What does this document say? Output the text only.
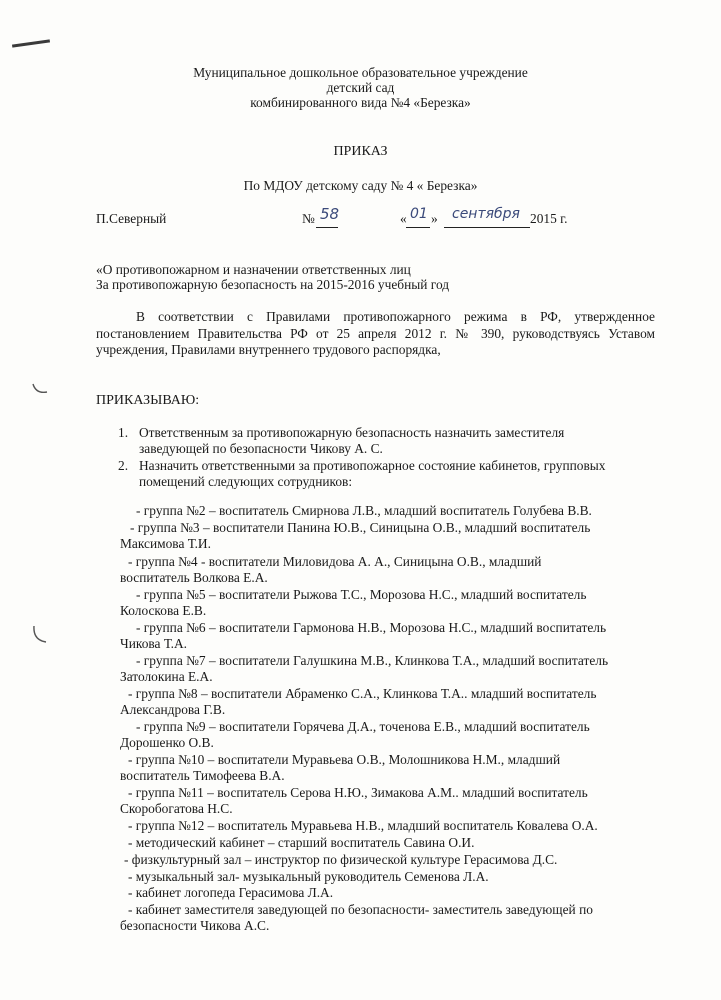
Муниципальное дошкольное образовательное учреждение
детский сад
комбинированного вида №4 «Березка»
ПРИКАЗ
По МДОУ детскому саду № 4 « Березка»
П.Северный	№ 58	« 01 » сентября 2015 г.
«О противопожарном и назначении ответственных лиц
За противопожарную безопасность на 2015-2016 учебный год
В соответствии с Правилами противопожарного режима в РФ, утвержденное постановлением Правительства РФ от 25 апреля 2012 г. № 390, руководствуясь Уставом учреждения, Правилами внутреннего трудового распорядка,
ПРИКАЗЫВАЮ:
1. Ответственным за противопожарную безопасность назначить заместителя
заведующей по безопасности Чикову А. С.
2. Назначить ответственными за противопожарное состояние кабинетов, групповых
помещений следующих сотрудников:
- группа №2 – воспитатель Смирнова Л.В., младший воспитатель Голубева В.В.
- группа №3 – воспитатели Панина Ю.В., Синицына О.В., младший воспитатель
Максимова Т.И.
- группа №4 - воспитатели Миловидова А. А., Синицына О.В., младший
воспитатель Волкова Е.А.
- группа №5 – воспитатели Рыжова Т.С., Морозова Н.С., младший воспитатель
Колоскова Е.В.
- группа №6 – воспитатели Гармонова Н.В., Морозова Н.С., младший воспитатель
Чикова Т.А.
- группа №7 – воспитатели Галушкина М.В., Клинкова Т.А., младший воспитатель
Затолокина Е.А.
- группа №8 – воспитатели Абраменко С.А., Клинкова Т.А.. младший воспитатель
Александрова Г.В.
- группа №9 – воспитатели Горячева Д.А., точенова Е.В., младший воспитатель
Дорошенко О.В.
- группа №10 – воспитатели Муравьева О.В., Молошникова Н.М., младший
воспитатель Тимофеева В.А.
- группа №11 – воспитатель Серова Н.Ю., Зимакова А.М.. младший воспитатель
Скоробогатова Н.С.
- группа №12 – воспитатель Муравьева Н.В., младший воспитатель Ковалева О.А.
- методический кабинет – старший воспитатель Савина О.И.
- физкультурный зал – инструктор по физической культуре Герасимова Д.С.
- музыкальный зал- музыкальный руководитель Семенова Л.А.
- кабинет логопеда Герасимова Л.А.
- кабинет заместителя заведующей по безопасности- заместитель заведующей по
безопасности Чикова А.С.
